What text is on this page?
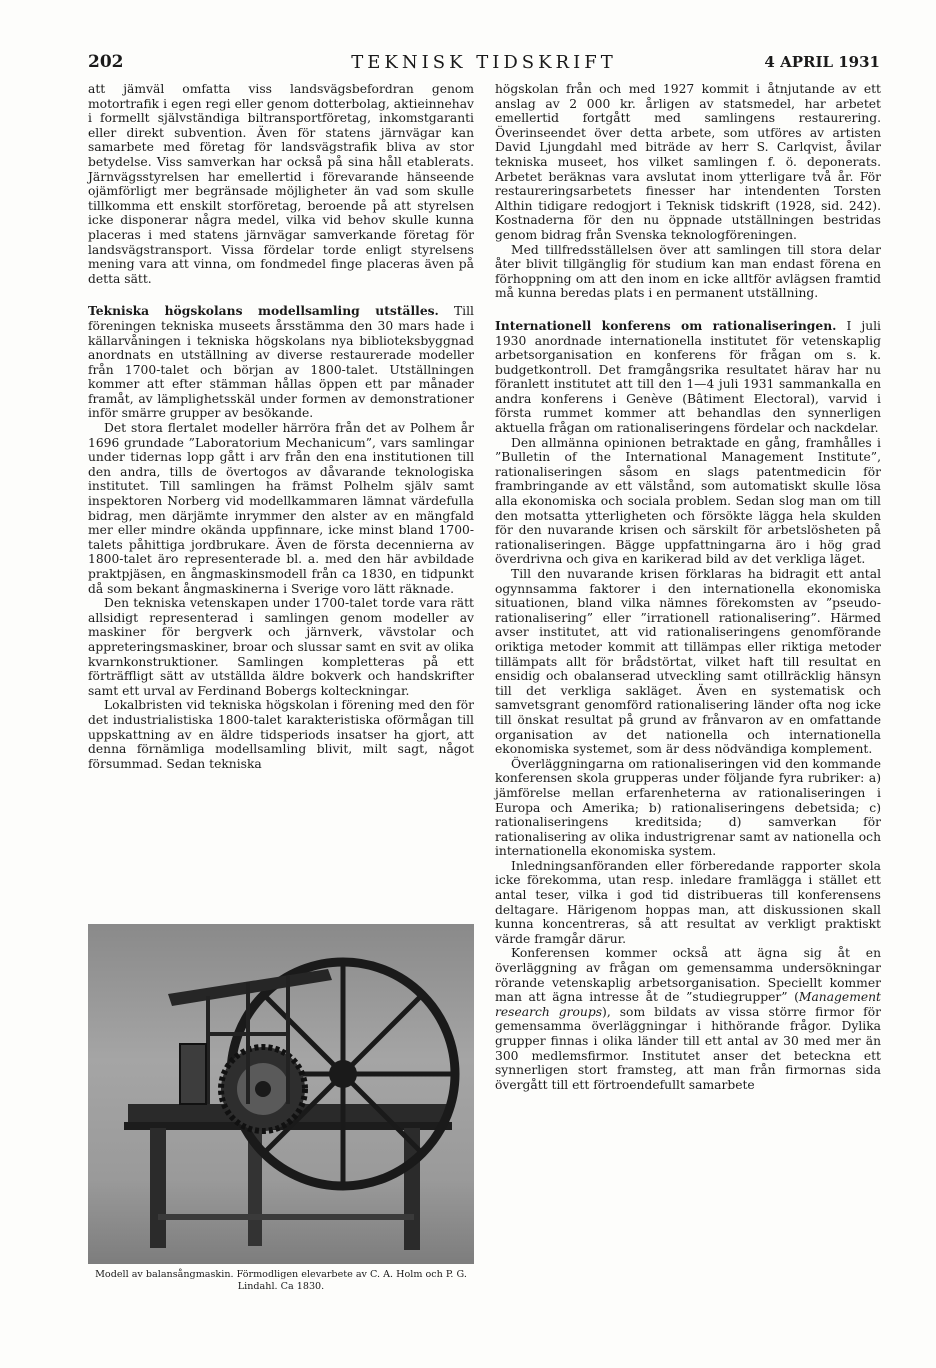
202	TEKNISK TIDSKRIFT	4 APRIL 1931

att jämväl omfatta viss landsvägsbefordran genom motortrafik i egen regi eller genom dotterbolag, aktieinnehav i formellt självständiga biltransportföretag, inkomstgaranti eller direkt subvention. Även för statens järnvägar kan samarbete med företag för landsvägstrafik bliva av stor betydelse. Viss samverkan har också på sina håll etablerats. Järnvägsstyrelsen har emellertid i förevarande hänseende ojämförligt mer begränsade möjligheter än vad som skulle tillkomma ett enskilt storföretag, beroende på att styrelsen icke disponerar några medel, vilka vid behov skulle kunna placeras i med statens järnvägar samverkande företag för landsvägstransport. Vissa fördelar torde enligt styrelsens mening vara att vinna, om fondmedel finge placeras även på detta sätt.

Tekniska högskolans modellsamling utställes. Till föreningen tekniska museets årsstämma den 30 mars hade i källarvåningen i tekniska högskolans nya biblioteksbyggnad anordnats en utställning av diverse restaurerade modeller från 1700-talet och början av 1800-talet. Utställningen kommer att efter stämman hållas öppen ett par månader framåt, av lämplighetsskäl under formen av demonstrationer inför smärre grupper av besökande.

Det stora flertalet modeller härröra från det av Polhem år 1696 grundade ”Laboratorium Mechanicum”, vars samlingar under tidernas lopp gått i arv från den ena institutionen till den andra, tills de övertogos av dåvarande teknologiska institutet. Till samlingen ha främst Polhelm själv samt inspektoren Norberg vid modellkammaren lämnat värdefulla bidrag, men därjämte inrymmer den alster av en mängfald mer eller mindre okända uppfinnare, icke minst bland 1700-talets påhittiga jordbrukare. Även de första decennierna av 1800-talet äro representerade bl. a. med den här avbildade praktpjäsen, en ångmaskinsmodell från ca 1830, en tidpunkt då som bekant ångmaskinerna i Sverige voro lätt räknade.

Den tekniska vetenskapen under 1700-talet torde vara rätt allsidigt representerad i samlingen genom modeller av maskiner för bergverk och järnverk, vävstolar och appreteringsmaskiner, broar och slussar samt en svit av olika kvarnkonstruktioner. Samlingen kompletteras på ett förträffligt sätt av utställda äldre bokverk och handskrifter samt ett urval av Ferdinand Bobergs kolteckningar.

Lokalbristen vid tekniska högskolan i förening med den för det industrialistiska 1800-talet karakteristiska oförmågan till uppskattning av en äldre tidsperiods insatser ha gjort, att denna förnämliga modellsamling blivit, milt sagt, något försummad. Sedan tekniska

Modell av balansångmaskin. Förmodligen elevarbete av C. A. Holm och P. G. Lindahl. Ca 1830.

högskolan från och med 1927 kommit i åtnjutande av ett anslag av 2 000 kr. årligen av statsmedel, har arbetet emellertid fortgått med samlingens restaurering. Överinseendet över detta arbete, som utföres av artisten David Ljungdahl med biträde av herr S. Carlqvist, åvilar tekniska museet, hos vilket samlingen f. ö. deponerats. Arbetet beräknas vara avslutat inom ytterligare två år. För restaureringsarbetets finesser har intendenten Torsten Althin tidigare redogjort i Teknisk tidskrift (1928, sid. 242). Kostnaderna för den nu öppnade utställningen bestridas genom bidrag från Svenska teknologföreningen.

Med tillfredsställelsen över att samlingen till stora delar åter blivit tillgänglig för studium kan man endast förena en förhoppning om att den inom en icke alltför avlägsen framtid må kunna beredas plats i en permanent utställning.

Internationell konferens om rationaliseringen. I juli 1930 anordnade internationella institutet för vetenskaplig arbetsorganisation en konferens för frågan om s. k. budgetkontroll. Det framgångsrika resultatet härav har nu föranlett institutet att till den 1—4 juli 1931 sammankalla en andra konferens i Genève (Bâtiment Electoral), varvid i första rummet kommer att behandlas den synnerligen aktuella frågan om rationaliseringens fördelar och nackdelar.

Den allmänna opinionen betraktade en gång, framhålles i ”Bulletin of the International Management Institute”, rationaliseringen såsom en slags patentmedicin för frambringande av ett välstånd, som automatiskt skulle lösa alla ekonomiska och sociala problem. Sedan slog man om till den motsatta ytterligheten och försökte lägga hela skulden för den nuvarande krisen och särskilt för arbetslösheten på rationaliseringen. Bägge uppfattningarna äro i hög grad överdrivna och giva en karikerad bild av det verkliga läget.

Till den nuvarande krisen förklaras ha bidragit ett antal ogynnsamma faktorer i den internationella ekonomiska situationen, bland vilka nämnes förekomsten av ”pseudo-rationalisering” eller ”irrationell rationalisering”. Härmed avser institutet, att vid rationaliseringens genomförande oriktiga metoder kommit att tillämpas eller riktiga metoder tillämpats allt för brådstörtat, vilket haft till resultat en ensidig och obalanserad utveckling samt otillräcklig hänsyn till det verkliga sakläget. Även en systematisk och samvetsgrant genomförd rationalisering länder ofta nog icke till önskat resultat på grund av frånvaron av en omfattande organisation av det nationella och internationella ekonomiska systemet, som är dess nödvändiga komplement.

Överläggningarna om rationaliseringen vid den kommande konferensen skola grupperas under följande fyra rubriker: a) jämförelse mellan erfarenheterna av rationaliseringen i Europa och Amerika; b) rationaliseringens debetsida; c) rationaliseringens kreditsida; d) samverkan för rationalisering av olika industrigrenar samt av nationella och internationella ekonomiska system.

Inledningsanföranden eller förberedande rapporter skola icke förekomma, utan resp. inledare framlägga i stället ett antal teser, vilka i god tid distribueras till konferensens deltagare. Härigenom hoppas man, att diskussionen skall kunna koncentreras, så att resultat av verkligt praktiskt värde framgår därur.

Konferensen kommer också att ägna sig åt en överläggning av frågan om gemensamma undersökningar rörande vetenskaplig arbetsorganisation. Speciellt kommer man att ägna intresse åt de ”studiegrupper” (Management research groups), som bildats av vissa större firmor för gemensamma överläggningar i hithörande frågor. Dylika grupper finnas i olika länder till ett antal av 30 med mer än 300 medlemsfirmor. Institutet anser det beteckna ett synnerligen stort framsteg, att man från firmornas sida övergått till ett förtroendefullt samarbete
